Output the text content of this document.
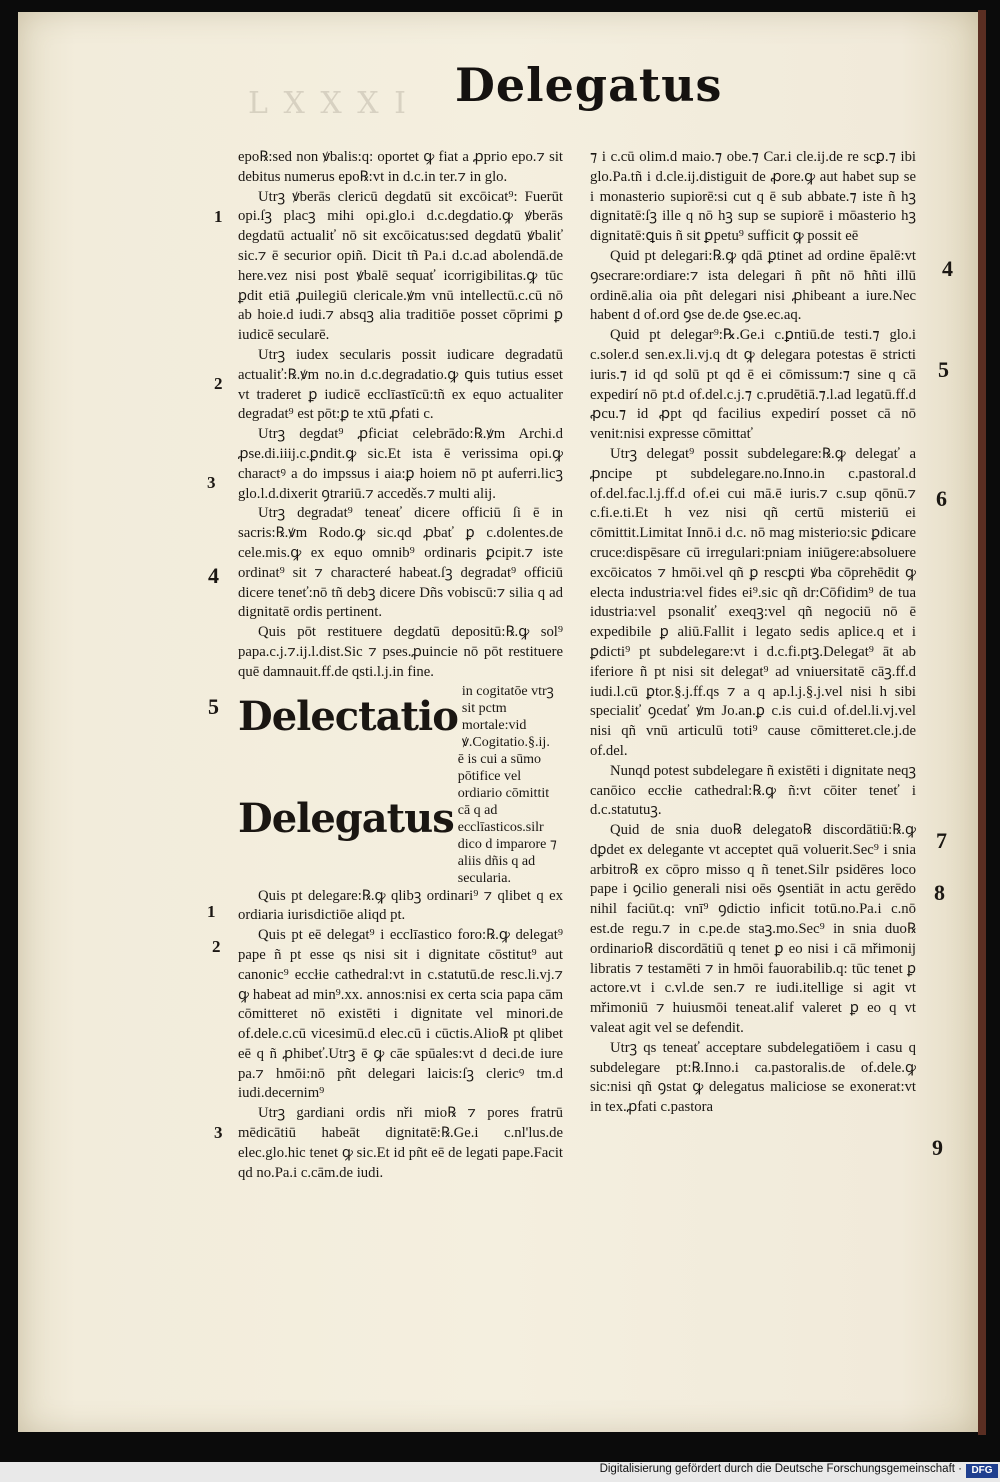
L X X X I Delegatus

epo℞:sed non ꝟbalis:q: oportet ꝙ fiat a ꝓprio epo.⁊ sit debitus numerus epo℞:vt in d.c.in ter.⁊ in glo.

Utrꝫ ꝟberās clericū degdatū sit excōicat⁹: Fuerūt opi.ſꝫ placꝫ mihi opi.glo.i d.c.degdatio.ꝙ ꝟberās degdatū actualiť nō sit excōicatus:sed degdatū ꝟbaliť sic.⁊ ē securior opiñ. Dicit tñ Pa.i d.c.ad abolendā.de here.vez nisi post ꝟbalē sequať icorrigibilitas.ꝙ tūc ꝑdit etiā ꝓuilegiū clericale.ꝟm vnū intellectū.c.cū nō ab hoie.d iudi.⁊ absqꝫ alia traditiōe posset cōprimi ꝑ iudicē secularē.

Utrꝫ iudex secularis possit iudicare degradatū actualiť:℞.ꝟm no.in d.c.degradatio.ꝙ ꝗuis tutius esset vt traderet ꝑ iudicē ecclīastīcū:tñ ex equo actualiter degradat⁹ est pōt:ꝑ te xtū ꝓfati c.

Utrꝫ degdat⁹ ꝓficiat celebrādo:℞.ꝟm Archi.d ꝓse.di.iiij.c.ꝑndit.ꝙ sic.Et ista ē verissima opi.ꝙ charactꝰ a do impssus i aia:ꝑ hoiem nō pt auferri.licꝫ glo.l.d.dixerit ꝯtrariū.⁊ acceděs.⁊ multi alij.

Utrꝫ degradat⁹ teneať dicere officiū ſi ē in sacris:℞.ꝟm Rodo.ꝙ sic.qd ꝓbať ꝑ c.dolentes.de cele.mis.ꝙ ex equo omnib⁹ ordinaris ꝑcipit.⁊ iste ordinat⁹ sit ⁊ characteré habeat.ſꝫ degradat⁹ officiū dicere teneť:nō tñ debꝫ dicere Dñs vobiscū:⁊ silia q ad dignitatē ordis pertinent.

Quis pōt restituere degdatū depositū:℞.ꝙ sol⁹ papa.c.j.⁊.ij.l.dist.Sic ⁊ pses.ꝓuincie nō pōt restituere quē damnauit.ff.de qsti.l.j.in fine.

Delectatio	in cogitatōe vtrꝫ sit pctm mortale:vid ꝟ.Cogitatio.§.ij.
Delegatus	ē is cui a sūmo pōtifice vel ordiario cōmittit cā q ad ecclīasticos.silr dico d imparore ⁊ aliis dñis q ad secularia.

Quis pt delegare:℞.ꝙ qlibꝫ ordinari⁹ ⁊ qlibet q ex ordiaria iurisdictiōe aliqd pt.

Quis pt eē delegat⁹ i ecclīastico foro:℞.ꝙ delegat⁹ pape ñ pt esse qs nisi sit i dignitate cōstitut⁹ aut canonic⁹ eccłie cathedral:vt in c.statutū.de resc.li.vj.⁊ ꝙ habeat ad min⁹.xx. annos:nisi ex certa scia papa cām cōmitteret nō existēti i dignitate vel minori.de of.dele.c.cū vicesimū.d elec.cū i cūctis.Alio℞ pt qlibet eē q ñ ꝓhibeť.Utrꝫ ē ꝙ cāe spūales:vt d deci.de iure pa.⁊ hmōi:nō pñt delegari laicis:ſꝫ clericꝰ tm.d iudi.decernim⁹

Utrꝫ gardiani ordis nři mio℞ ⁊ pores fratrū mēdicātiū habeāt dignitatē:℞.Ge.i c.nl'lus.de elec.glo.hic tenet ꝙ sic.Et id pñt eē de legati pape.Facit qd no.Pa.i c.cām.de iudi.

⁊ i c.cū olim.d maio.⁊ obe.⁊ Car.i cle.ij.de re scꝑ.⁊ ibi glo.Pa.tñ i d.cle.ij.distiguit de ꝓore.ꝙ aut habet sup se i monasterio supiorē:si cut q ē sub abbate.⁊ iste ñ hꝫ dignitatē:ſꝫ ille q nō hꝫ sup se supiorē i mōasterio hꝫ dignitatē:ꝗuis ñ sit ꝑpetu⁹ sufficit ꝙ possit eē

Quid pt delegari:℞.ꝙ qdā ꝑtinet ad ordine ēpalē:vt ꝯsecrare:ordiare:⁊ ista delegari ñ pñt nō ħñti illū ordinē.alia oia pñt delegari nisi ꝓhibeant a iure.Nec habent d of.ord ꝯse de.de ꝯse.ec.aq.

Quid pt delegar⁹:℞.Ge.i c.ꝑntiū.de testi.⁊ glo.i c.soler.d sen.ex.li.vj.q dt ꝙ delegara potestas ē stricti iuris.⁊ id qd solū pt qd ē ei cōmissum:⁊ sine q cā expedirí nō pt.d of.del.c.j.⁊ c.prudētiā.⁊.l.ad legatū.ff.d ꝓcu.⁊ id ꝓpt qd facilius expedirí posset cā nō venit:nisi expresse cōmittať

Utrꝫ delegat⁹ possit subdelegare:℞.ꝙ delegať a ꝓncipe pt subdelegare.no.Inno.in c.pastoral.d of.del.fac.l.j.ff.d of.ei cui mā.ē iuris.⁊ c.sup qōnū.⁊ c.fi.e.ti.Et h vez nisi qñ certū misteriū ei cōmittit.Limitat Innō.i d.c. nō mag misterio:sic ꝑdicare cruce:dispēsare cū irregulari:pniam iniūgere:absoluere excōicatos ⁊ hmōi.vel qñ ꝑ rescꝑti ꝟba cōprehēdit ꝙ electa industria:vel fides ei⁹.sic qñ dr:Cōfidim⁹ de tua idustria:vel psonaliť exeqꝫ:vel qñ negociū nō ē expedibile ꝑ aliū.Fallit i legato sedis aplice.q et i ꝑdicti⁹ pt subdelegare:vt i d.c.fi.ptꝫ.Delegat⁹ āt ab iferiore ñ pt nisi sit delegat⁹ ad vniuersitatē cāꝫ.ff.d iudi.l.cū ꝑtor.§.j.ff.qs ⁊ a q ap.l.j.§.j.vel nisi h sibi specialiť ꝯcedať ꝟm Jo.an.ꝑ c.is cui.d of.del.li.vj.vel nisi qñ vnū articulū toti⁹ cause cōmitteret.cle.j.de of.del.

Nunqd potest subdelegare ñ existēti i dignitate neqꝫ canōico eccłie cathedral:℞.ꝙ ñ:vt cōiter teneť i d.c.statutuꝫ.

Quid de snia duo℞ delegato℞ discordātiū:℞.ꝙ dꝑdet ex delegante vt acceptet quā voluerit.Sec⁹ i snia arbitro℞ ex cōpro misso q ñ tenet.Silr psidēres loco pape i ꝯcilio generali nisi oēs ꝯsentiāt in actu gerēdo nihil faciūt.q: vnī⁹ ꝯdictio inficit totū.no.Pa.i c.nō est.de regu.⁊ in c.pe.de staꝫ.mo.Sec⁹ in snia duo℞ ordinario℞ discordātiū q tenet ꝑ eo nisi i cā mřimonij libratis ⁊ testamēti ⁊ in hmōi fauorabilib.q: tūc tenet ꝑ actore.vt i c.vl.de sen.⁊ re iudi.itellige si agit vt mřimoniū ⁊ huiusmōi teneat.alif valeret ꝑ eo q vt valeat agit vel se defendit.

Utrꝫ qs teneať acceptare subdelegatiōem i casu q subdelegare pt:℞.Inno.i ca.pastoralis.de of.dele.ꝙ sic:nisi qñ ꝯstat ꝙ delegatus maliciose se exonerat:vt in tex.ꝓfati c.pastora

1
2
3
4
5
1
2
3
4
5
6
7
8
9
Digitalisierung gefördert durch die Deutsche Forschungsgemeinschaft · DFG
